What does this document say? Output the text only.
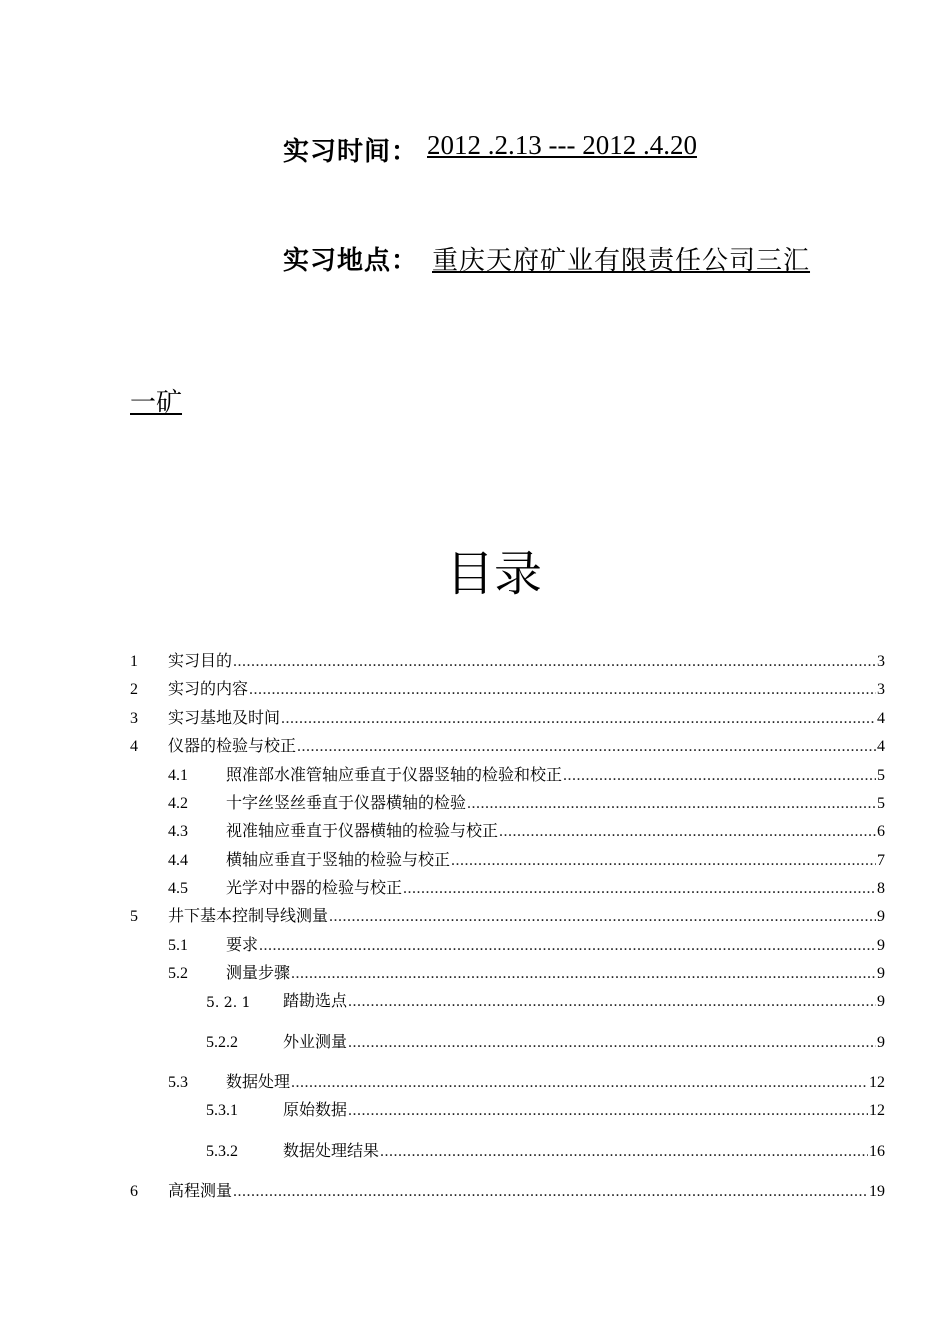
实习时间： 2012 .2.13 --- 2012 .4.20
实习地点： 重庆天府矿业有限责任公司三汇
一矿
目录
1	实习目的 .....	3
2	实习的内容 .....	3
3	实习基地及时间 .....	4
4	仪器的检验与校正 .....	4
4.1	照准部水准管轴应垂直于仪器竖轴的检验和校正 .....	5
4.2	十字丝竖丝垂直于仪器横轴的检验 .....	5
4.3	视准轴应垂直于仪器横轴的检验与校正 .....	6
4.4	横轴应垂直于竖轴的检验与校正 .....	7
4.5	光学对中器的检验与校正 .....	8
5	井下基本控制导线测量 .....	9
5.1	要求 .....	9
5.2	测量步骤 .....	9
5. 2. 1	踏勘选点 .....	9
5.2.2	外业测量 .....	9
5.3	数据处理 .....	12
5.3.1	原始数据 .....	12
5.3.2	数据处理结果 .....	16
6	高程测量 .....	19
